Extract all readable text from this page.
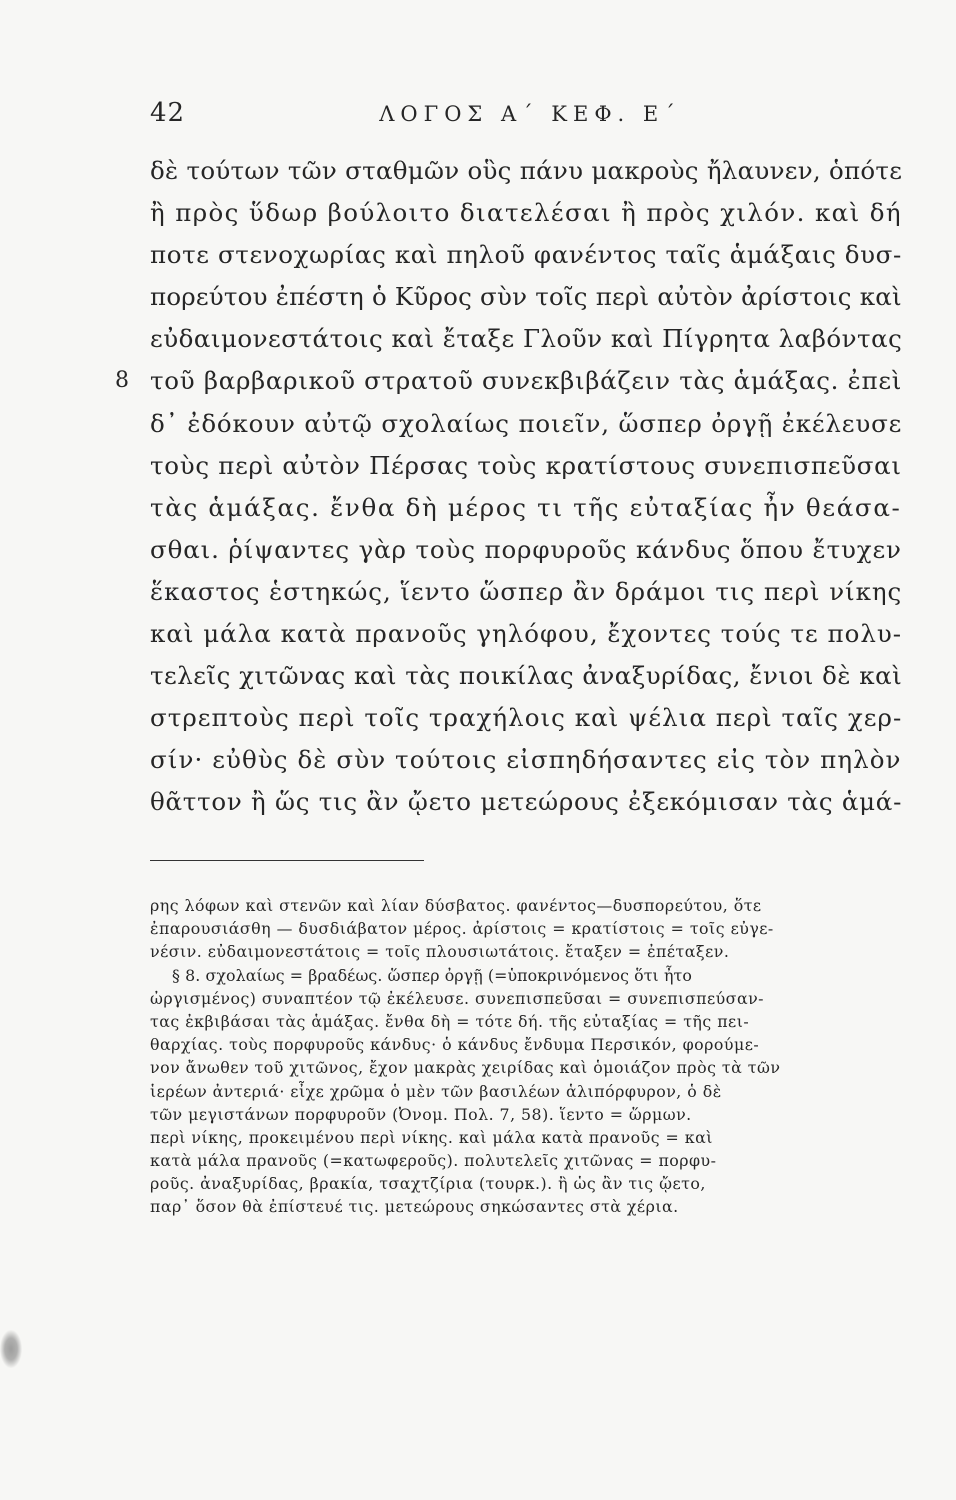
42	ΛΟΓΟΣ Α΄ ΚΕΦ. Ε΄
δὲ τούτων τῶν σταθμῶν οὓς πάνυ μακροὺς ἤλαυνεν, ὁπότε
ἢ πρὸς ὕδωρ βούλοιτο διατελέσαι ἢ πρὸς χιλόν. καὶ δή
ποτε στενοχωρίας καὶ πηλοῦ φανέντος ταῖς ἁμάξαις δυσ-
πορεύτου ἐπέστη ὁ Κῦρος σὺν τοῖς περὶ αὐτὸν ἀρίστοις καὶ
εὐδαιμονεστάτοις καὶ ἔταξε Γλοῦν καὶ Πίγρητα λαβόντας
8 τοῦ βαρβαρικοῦ στρατοῦ συνεκβιβάζειν τὰς ἁμάξας. ἐπεὶ
δ᾽ ἐδόκουν αὐτῷ σχολαίως ποιεῖν, ὥσπερ ὀργῇ ἐκέλευσε
τοὺς περὶ αὐτὸν Πέρσας τοὺς κρατίστους συνεπισπεῦσαι
τὰς ἁμάξας. ἔνθα δὴ μέρος τι τῆς εὐταξίας ἦν θεάσα-
σθαι. ῥίψαντες γὰρ τοὺς πορφυροῦς κάνδυς ὅπου ἔτυχεν
ἕκαστος ἑστηκώς, ἵεντο ὥσπερ ἂν δράμοι τις περὶ νίκης
καὶ μάλα κατὰ πρανοῦς γηλόφου, ἔχοντες τούς τε πολυ-
τελεῖς χιτῶνας καὶ τὰς ποικίλας ἀναξυρίδας, ἔνιοι δὲ καὶ
στρεπτοὺς περὶ τοῖς τραχήλοις καὶ ψέλια περὶ ταῖς χερ-
σίν· εὐθὺς δὲ σὺν τούτοις εἰσπηδήσαντες εἰς τὸν πηλὸν
θᾶττον ἢ ὥς τις ἂν ᾤετο μετεώρους ἐξεκόμισαν τὰς ἁμά-
ρης λόφων καὶ στενῶν καὶ λίαν δύσβατος. φανέντος—δυσπορεύτου, ὅτε
ἐπαρουσιάσθη — δυσδιάβατον μέρος. ἀρίστοις = κρατίστοις = τοῖς εὐγε-
νέσιν. εὐδαιμονεστάτοις = τοῖς πλουσιωτάτοις. ἔταξεν = ἐπέταξεν.
§ 8. σχολαίως = βραδέως. ὥσπερ ὀργῇ (=ὑποκρινόμενος ὅτι ἦτο
ὠργισμένος) συναπτέον τῷ ἐκέλευσε. συνεπισπεῦσαι = συνεπισπεύσαν-
τας ἐκβιβάσαι τὰς ἁμάξας. ἔνθα δὴ = τότε δή. τῆς εὐταξίας = τῆς πει-
θαρχίας. τοὺς πορφυροῦς κάνδυς· ὁ κάνδυς ἔνδυμα Περσικόν, φορούμε-
νον ἄνωθεν τοῦ χιτῶνος, ἔχον μακρὰς χειρίδας καὶ ὁμοιάζον πρὸς τὰ τῶν
ἱερέων ἀντεριά· εἶχε χρῶμα ὁ μὲν τῶν βασιλέων ἁλιπόρφυρον, ὁ δὲ
τῶν μεγιστάνων πορφυροῦν (Ὀνομ. Πολ. 7, 58). ἵεντο = ὥρμων.
περὶ νίκης, προκειμένου περὶ νίκης. καὶ μάλα κατὰ πρανοῦς = καὶ
κατὰ μάλα πρανοῦς (=κατωφεροῦς). πολυτελεῖς χιτῶνας = πορφυ-
ροῦς. ἀναξυρίδας, βρακία, τσαχτζίρια (τουρκ.). ἢ ὡς ἂν τις ᾤετο,
παρ᾽ ὅσον θὰ ἐπίστευέ τις. μετεώρους σηκώσαντες στὰ χέρια.
